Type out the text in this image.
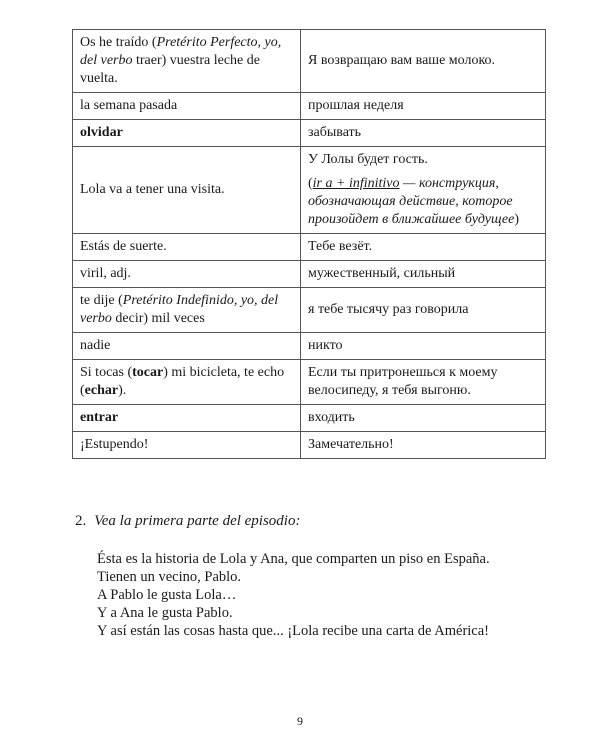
Os he traído (Pretérito Perfecto, yo, del verbo traer) vuestra leche de vuelta.	Я возвращаю вам ваше молоко.

la semana pasada	прошлая неделя

olvidar	забывать

Lola va a tener una visita.	У Лолы будет гость.
(ir a + infinitivo — конструкция, обозначающая действие, которое произойдет в ближайшее будущее)

Estás de suerte.	Тебе везёт.

viril, adj.	мужественный, сильный

te dije (Pretérito Indefinido, yo, del verbo decir) mil veces	я тебе тысячу раз говорила

nadie	никто

Si tocas (tocar) mi bicicleta, te echo (echar).	Если ты притронешься к моему велосипеду, я тебя выгоню.

entrar	входить

¡Estupendo!	Замечательно!
2. Vea la primera parte del episodio:
Ésta es la historia de Lola y Ana, que comparten un piso en España.
Tienen un vecino, Pablo.
A Pablo le gusta Lola…
Y a Ana le gusta Pablo.
Y así están las cosas hasta que... ¡Lola recibe una carta de América!
9
